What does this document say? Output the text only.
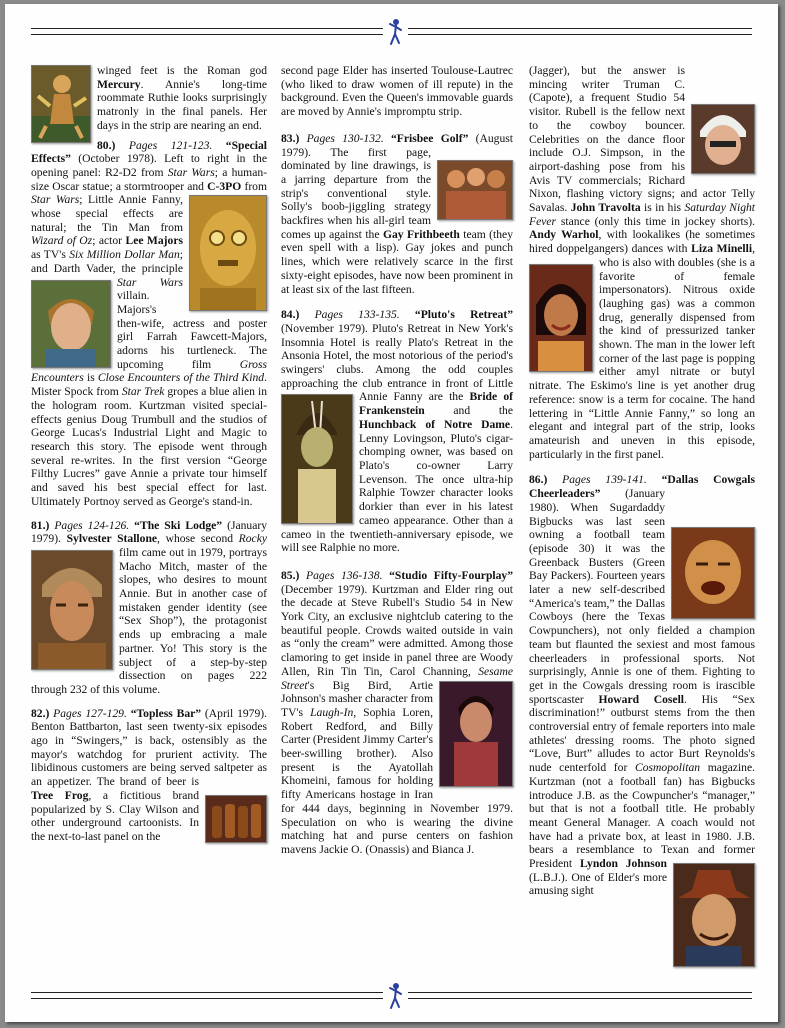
winged feet is the Roman god Mercury. Annie's long-time roommate Ruthie looks surprisingly matronly in the final panels. Her days in the strip are nearing an end.

80.) Pages 121-123. “Special Effects” (October 1978). Left to right in the opening panel: R2-D2 from Star Wars; a human-size Oscar statue; a stormtrooper and C-3PO from Star Wars
; Little Annie Fanny, whose special effects are natural; the Tin Man from Wizard of Oz; actor Lee Majors as TV's Six Million Dollar Man; and Darth Vader, the principle Star Wars
villain. Majors's then-wife, actress and poster girl Farrah Fawcett-Majors, adorns his turtleneck. The upcoming film Gross Encounters is Close Encounters of the Third Kind. Mister Spock from Star Trek gropes a blue alien in the hologram room. Kurtzman visited special-effects genius Doug Trumbull and the studios of George Lucas's Industrial Light and Magic to research this story. The episode went through several re-writes. In the first version “George Filthy Lucres” gave Annie a private tour himself and saved his best special effect for last. Ultimately Portnoy served as George's stand-in.

81.) Pages 124-126. “The Ski Lodge” (January 1979). Sylvester Stallone, whose second Rocky
film came out in 1979, portrays Macho Mitch, master of the slopes, who desires to mount Annie. But in another case of mistaken gender identity (see “Sex Shop”), the protagonist ends up embracing a male partner. Yo! This story is the subject of a step-by-step dissection on pages 222 through 232 of this volume.

82.) Pages 127-129. “Topless Bar” (April 1979). Benton Battbarton, last seen twenty-six episodes ago in “Swingers,” is back, ostensibly as the mayor's watchdog for prurient activity. The libidinous customers are being served saltpeter as an appetizer. The brand of beer is
Tree Frog, a fictitious brand popularized by S. Clay Wilson and other underground cartoonists. In the next-to-last panel on the

second page Elder has inserted Toulouse-Lautrec (who liked to draw women of ill repute) in the background. Even the Queen's immovable guards are moved by Annie's impromptu strip.

83.) Pages 130-132. “Frisbee Golf”
(August 1979). The first page, dominated by line drawings, is a jarring departure from the strip's conventional style. Solly's boob-jiggling strategy backfires when his all-girl team comes up against the Gay Frithbeeth team (they even spell with a lisp). Gay jokes and punch lines, which were relatively scarce in the first sixty-eight episodes, have now been prominent in at least six of the last fifteen.

84.) Pages 133-135. “Pluto's Retreat” (November 1979). Pluto's Retreat in New York's Insomnia Hotel is really Plato's Retreat in the Ansonia Hotel, the most notorious of the period's swingers' clubs. Among the odd couples approaching the club entrance in front of Little Annie Fanny are the
Bride of Frankenstein and the Hunchback of Notre Dame. Lenny Lovingson, Pluto's cigar-chomping owner, was based on Plato's co-owner Larry Levenson. The once ultra-hip Ralphie Towzer character looks dorkier than ever in his latest cameo appearance. Other than a cameo in the twentieth-anniversary episode, we will see Ralphie no more.

85.) Pages 136-138. “Studio Fifty-Fourplay” (December 1979). Kurtzman and Elder ring out the decade at Steve Rubell's Studio 54 in New York City, an exclusive nightclub catering to the beautiful people. Crowds waited outside in vain as “only the cream” were admitted. Among those clamoring to get inside in panel three are Woody Allen, Rin Tin Tin, Carol Channing,
Sesame Street's Big Bird, Artie Johnson's masher character from TV's Laugh-In, Sophia Loren, Robert Redford, and Billy Carter (President Jimmy Carter's beer-swilling brother). Also present is the Ayatollah Khomeini, famous for holding fifty Americans hostage in Iran for 444 days, beginning in November 1979. Speculation on who is wearing the divine matching hat and purse centers on fashion mavens Jackie O. (Onassis) and Bianca J.

(Jagger), but the answer is mincing writer Truman C. (Capote), a frequent Studio 54 visitor. Rubell is the fellow next to the cowboy bouncer. Celebrities on the dance floor include O.J. Simpson, in the airport-dashing pose from his Avis TV commercials; Richard Nixon, flashing victory signs; and actor Telly Savalas. John Travolta is in his Saturday Night Fever stance (only this time in jockey shorts). Andy Warhol, with lookalikes (he sometimes hired doppelgangers) dances with
Liza Minelli, who is also with doubles (she is a favorite of female impersonators). Nitrous oxide (laughing gas) was a common drug, generally dispensed from the kind of pressurized tanker shown. The man in the lower left corner of the last page is popping either amyl nitrate or butyl nitrate. The Eskimo's line is yet another drug reference: snow is a term for cocaine. The hand lettering in “Little Annie Fanny,” so long an elegant and integral part of the strip, looks amateurish and uneven in this episode, particularly in the first panel.

86.) Pages 139-141. “Dallas Cowgals Cheerleaders”
(January 1980). When Sugardaddy Bigbucks was last seen owning a football team (episode 30) it was the Greenback Busters (Green Bay Packers). Fourteen years later a new self-described “America's team,” the Dallas Cowboys (here the Texas Cowpunchers), not only fielded a champion team but flaunted the sexiest and most famous cheerleaders in professional sports. Not surprisingly, Annie is one of them. Fighting to get in the Cowgals dressing room is irascible sportscaster Howard Cosell. His “Sex discrimination!” outburst stems from the then controversial entry of female reporters into male athletes' dressing rooms. The photo signed “Love, Burt” alludes to actor Burt Reynolds's nude centerfold for Cosmopolitan magazine. Kurtzman (not a football fan) has Bigbucks introduce J.B. as the Cowpuncher's “manager,” but that is not a football title. He probably meant General Manager. A coach would not have had a private box, at least in 1980. J.B. bears a resemblance to Texan and former President
Lyndon Johnson (L.B.J.). One of Elder's more amusing sight
